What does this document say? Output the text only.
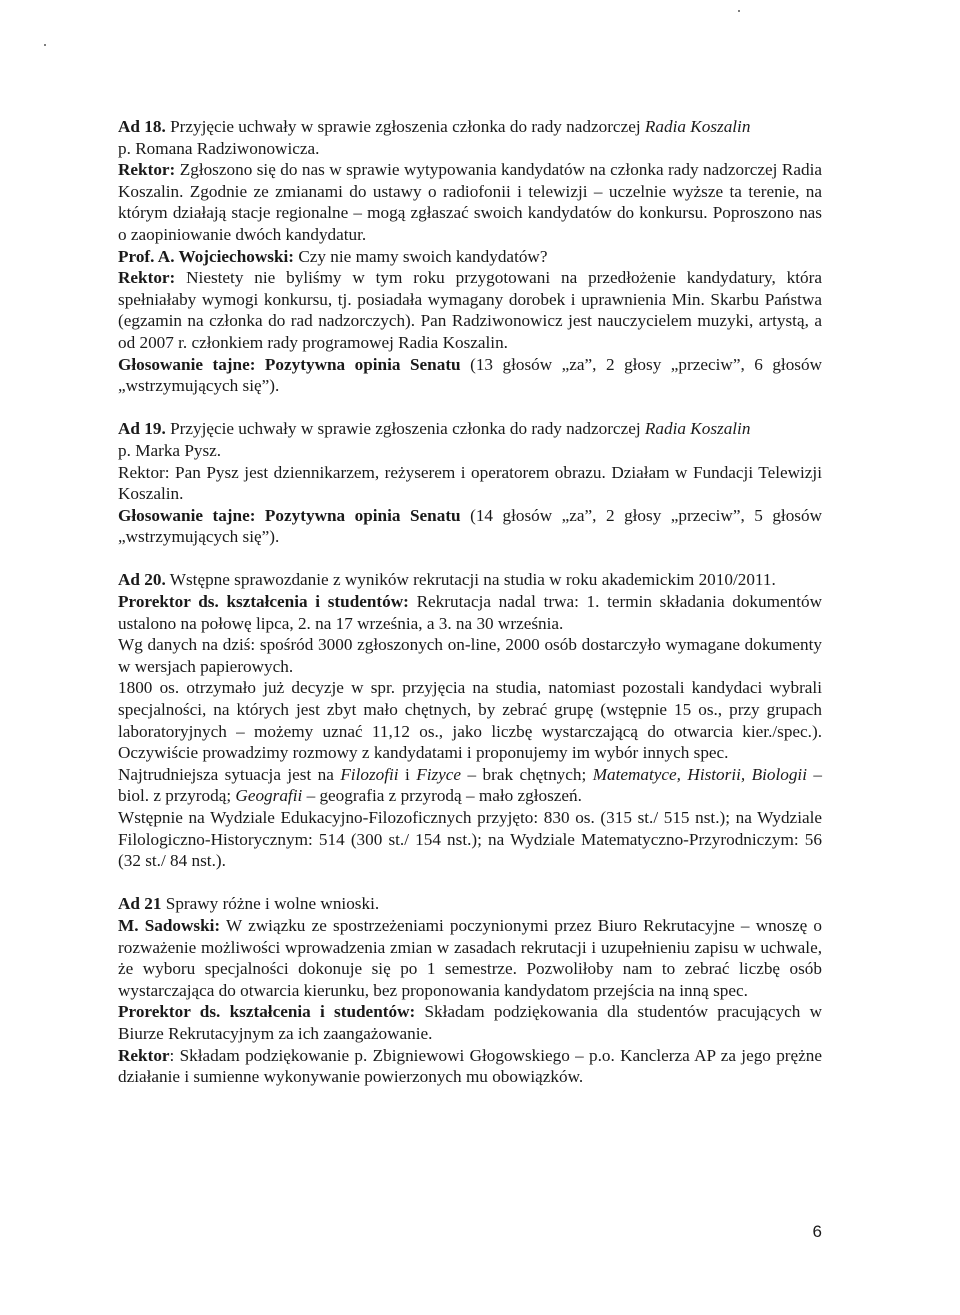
Ad 18. Przyjęcie uchwały w sprawie zgłoszenia członka do rady nadzorczej Radia Koszalin

p. Romana Radziwonowicza.

Rektor: Zgłoszono się do nas w sprawie wytypowania kandydatów na członka rady nadzorczej Radia Koszalin. Zgodnie ze zmianami do ustawy o radiofonii i telewizji – uczelnie wyższe ta terenie, na którym działają stacje regionalne – mogą zgłaszać swoich kandydatów do konkursu. Poproszono nas o zaopiniowanie dwóch kandydatur.

Prof. A. Wojciechowski: Czy nie mamy swoich kandydatów?

Rektor: Niestety nie byliśmy w tym roku przygotowani na przedłożenie kandydatury, która spełniałaby wymogi konkursu, tj. posiadała wymagany dorobek i uprawnienia Min. Skarbu Państwa (egzamin na członka do rad nadzorczych). Pan Radziwonowicz jest nauczycielem muzyki, artystą, a od 2007 r. członkiem rady programowej Radia Koszalin.

Głosowanie tajne: Pozytywna opinia Senatu (13 głosów „za”, 2 głosy „przeciw”, 6 głosów „wstrzymujących się”).

Ad 19. Przyjęcie uchwały w sprawie zgłoszenia członka do rady nadzorczej Radia Koszalin

p. Marka Pysz.

Rektor: Pan Pysz jest dziennikarzem, reżyserem i operatorem obrazu. Działam w Fundacji Telewizji Koszalin.

Głosowanie tajne: Pozytywna opinia Senatu (14 głosów „za”, 2 głosy „przeciw”, 5 głosów „wstrzymujących się”).

Ad 20. Wstępne sprawozdanie z wyników rekrutacji na studia w roku akademickim 2010/2011.

Prorektor ds. kształcenia i studentów: Rekrutacja nadal trwa: 1. termin składania dokumentów ustalono na połowę lipca, 2. na 17 września, a 3. na 30 września.

Wg danych na dziś: spośród 3000 zgłoszonych on-line, 2000 osób dostarczyło wymagane dokumenty w wersjach papierowych.

1800 os. otrzymało już decyzje w spr. przyjęcia na studia, natomiast pozostali kandydaci wybrali specjalności, na których jest zbyt mało chętnych, by zebrać grupę (wstępnie 15 os., przy grupach laboratoryjnych – możemy uznać 11,12 os., jako liczbę wystarczającą do otwarcia kier./spec.). Oczywiście prowadzimy rozmowy z kandydatami i proponujemy im wybór innych spec.

Najtrudniejsza sytuacja jest na Filozofii i Fizyce – brak chętnych; Matematyce, Historii, Biologii – biol. z przyrodą; Geografii – geografia z przyrodą – mało zgłoszeń.

Wstępnie na Wydziale Edukacyjno-Filozoficznych przyjęto: 830 os. (315 st./ 515 nst.); na Wydziale Filologiczno-Historycznym: 514 (300 st./ 154 nst.); na Wydziale Matematyczno-Przyrodniczym: 56 (32 st./ 84 nst.).

Ad 21 Sprawy różne i wolne wnioski.

M. Sadowski: W związku ze spostrzeżeniami poczynionymi przez Biuro Rekrutacyjne – wnoszę o rozważenie możliwości wprowadzenia zmian w zasadach rekrutacji i uzupełnieniu zapisu w uchwale, że wyboru specjalności dokonuje się po 1 semestrze. Pozwoliłoby nam to zebrać liczbę osób wystarczająca do otwarcia kierunku, bez proponowania kandydatom przejścia na inną spec.

Prorektor ds. kształcenia i studentów: Składam podziękowania dla studentów pracujących w Biurze Rekrutacyjnym za ich zaangażowanie.

Rektor: Składam podziękowanie p. Zbigniewowi Głogowskiego – p.o. Kanclerza AP za jego prężne działanie i sumienne wykonywanie powierzonych mu obowiązków.

6
